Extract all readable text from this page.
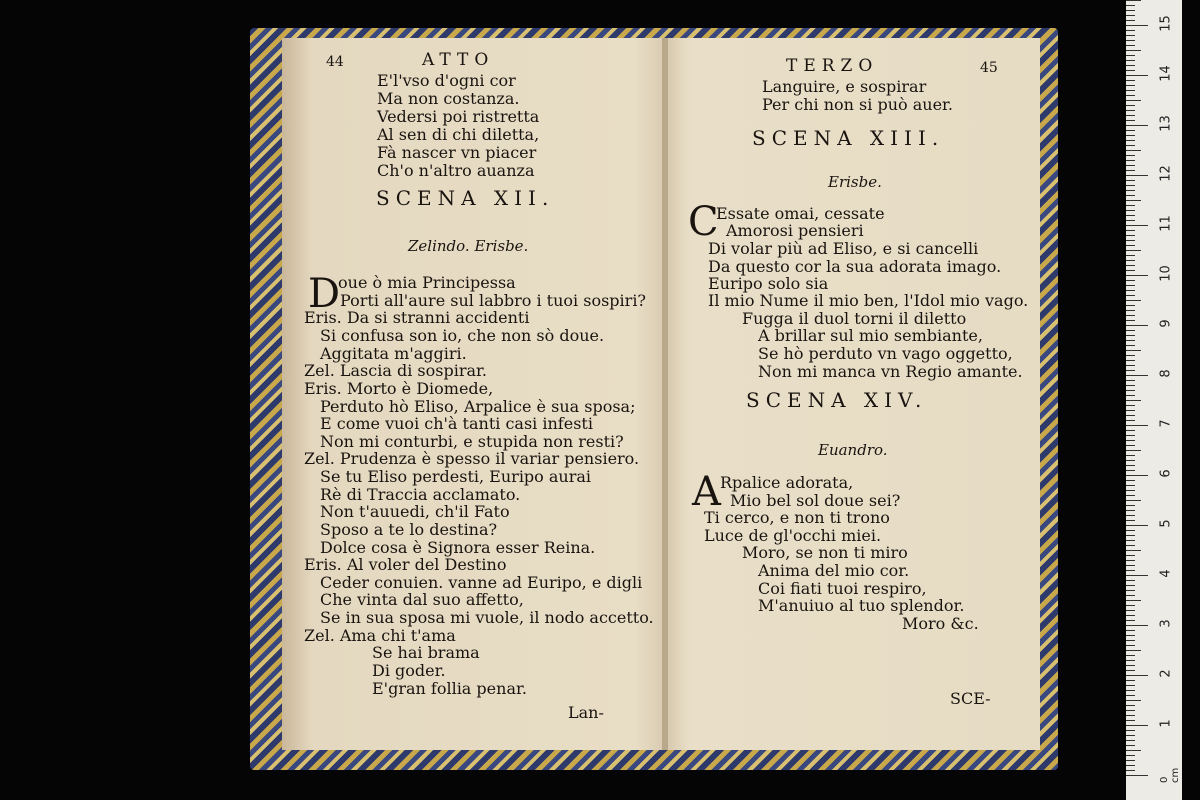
44	ATTO
E'l'vso d'ogni cor
Ma non costanza.
Vedersi poi ristretta
Al sen di chi diletta,
Fà nascer vn piacer
Ch'o n'altro auanza
SCENA XII.
Zelindo. Erisbe.
D
oue ò mia Principessa
Porti all'aure sul labbro i tuoi sospiri?
Eris. Da si stranni accidenti
Si confusa son io, che non sò doue.
Aggitata m'aggiri.
Zel. Lascia di sospirar.
Eris. Morto è Diomede,
Perduto hò Eliso, Arpalice è sua sposa;
E come vuoi ch'à tanti casi infesti
Non mi conturbi, e stupida non resti?
Zel. Prudenza è spesso il variar pensiero.
Se tu Eliso perdesti, Euripo aurai
Rè di Traccia acclamato.
Non t'auuedi, ch'il Fato
Sposo a te lo destina?
Dolce cosa è Signora esser Reina.
Eris. Al voler del Destino
Ceder conuien. vanne ad Euripo, e digli
Che vinta dal suo affetto,
Se in sua sposa mi vuole, il nodo accetto.
Zel. Ama chi t'ama
Se hai brama
Di goder.
E'gran follia penar.
Lan-
TERZO	45
Languire, e sospirar
Per chi non si può auer.
SCENA XIII.
Erisbe.
C
Essate omai, cessate
Amorosi pensieri
Di volar più ad Eliso, e si cancelli
Da questo cor la sua adorata imago.
Euripo solo sia
Il mio Nume il mio ben, l'Idol mio vago.
Fugga il duol torni il diletto
A brillar sul mio sembiante,
Se hò perduto vn vago oggetto,
Non mi manca vn Regio amante.
SCENA XIV.
Euandro.
A Rpalice adorata,
Mio bel sol doue sei?
Ti cerco, e non ti trono
Luce de gl'occhi miei.
Moro, se non ti miro
Anima del mio cor.
Coi fiati tuoi respiro,
M'anuiuo al tuo splendor.
Moro &c.
SCE-
0 cm
1
2
3
4
5
6
7
8
9
10
11
12
13
14
15
